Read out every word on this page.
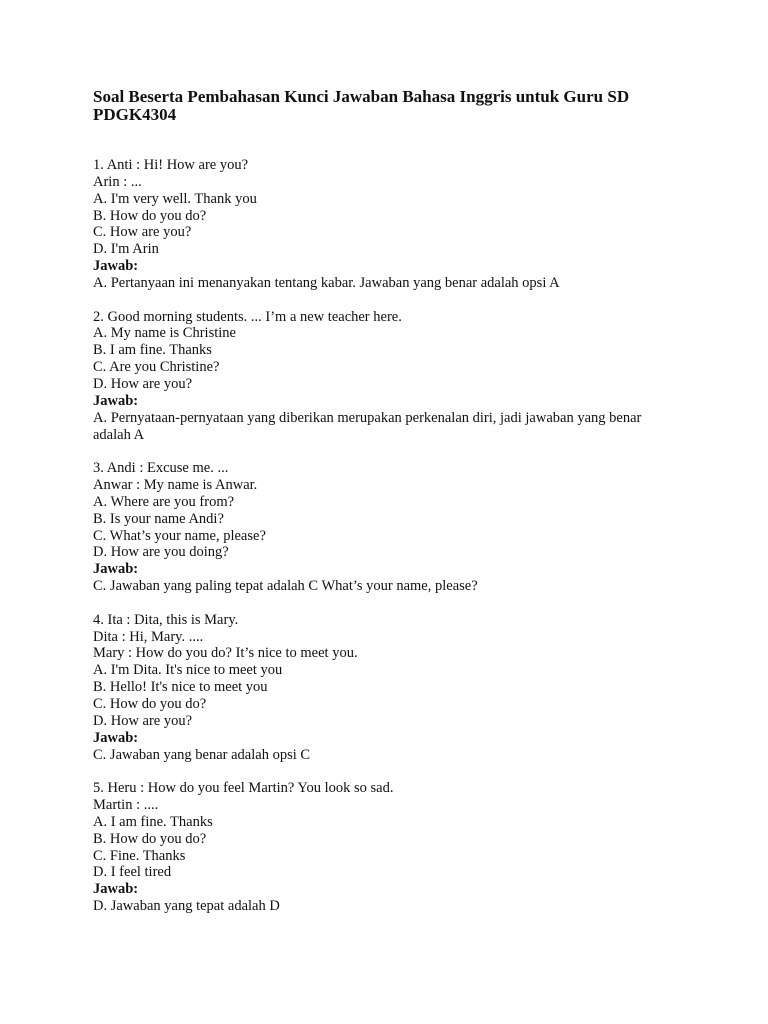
Soal Beserta Pembahasan Kunci Jawaban Bahasa Inggris untuk Guru SD PDGK4304
1. Anti : Hi! How are you?
Arin : ...
A. I'm very well. Thank you
B. How do you do?
C. How are you?
D. I'm Arin
Jawab:
A. Pertanyaan ini menanyakan tentang kabar. Jawaban yang benar adalah opsi A
2. Good morning students. ... I’m a new teacher here.
A. My name is Christine
B. I am fine. Thanks
C. Are you Christine?
D. How are you?
Jawab:
A. Pernyataan-pernyataan yang diberikan merupakan perkenalan diri, jadi jawaban yang benar adalah A
3. Andi : Excuse me. ...
Anwar : My name is Anwar.
A. Where are you from?
B. Is your name Andi?
C. What’s your name, please?
D. How are you doing?
Jawab:
C. Jawaban yang paling tepat adalah C What’s your name, please?
4. Ita : Dita, this is Mary.
Dita : Hi, Mary. ....
Mary : How do you do? It’s nice to meet you.
A. I'm Dita. It's nice to meet you
B. Hello! It's nice to meet you
C. How do you do?
D. How are you?
Jawab:
C. Jawaban yang benar adalah opsi C
5. Heru : How do you feel Martin? You look so sad.
Martin : ....
A. I am fine. Thanks
B. How do you do?
C. Fine. Thanks
D. I feel tired
Jawab:
D. Jawaban yang tepat adalah D
